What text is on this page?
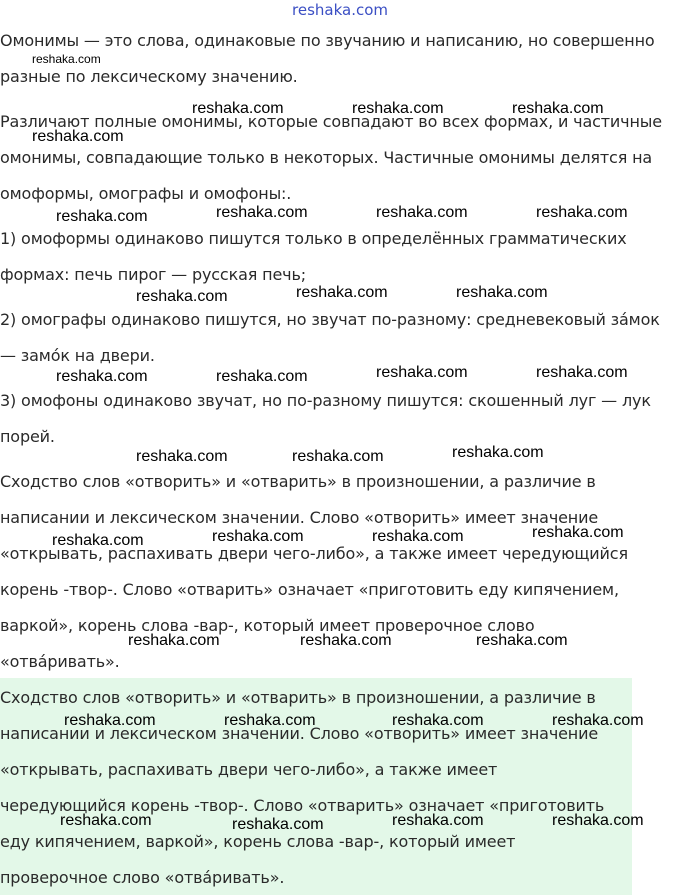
reshaka.com
Омонимы — это слова, одинаковые по звучанию и написанию, но совершенно
разные по лексическому значению.
Различают полные омонимы, которые совпадают во всех формах, и частичные
омонимы, совпадающие только в некоторых. Частичные омонимы делятся на
омоформы, омографы и омофоны:.
1) омоформы одинаково пишутся только в определённых грамматических
формах: печь пирог — русская печь;
2) омографы одинаково пишутся, но звучат по-разному: средневековый за́мок
— замо́к на двери.
3) омофоны одинаково звучат, но по-разному пишутся: скошенный луг — лук
порей.
Сходство слов «отворить» и «отварить» в произношении, а различие в
написании и лексическом значении. Слово «отворить» имеет значение
«открывать, распахивать двери чего-либо», а также имеет чередующийся
корень -твор-. Слово «отварить» означает «приготовить еду кипячением,
варкой», корень слова -вар-, который имеет проверочное слово
«отва́ривать».
Сходство слов «отворить» и «отварить» в произношении, а различие в
написании и лексическом значении. Слово «отворить» имеет значение
«открывать, распахивать двери чего-либо», а также имеет
чередующийся корень -твор-. Слово «отварить» означает «приготовить
еду кипячением, варкой», корень слова -вар-, который имеет
проверочное слово «отва́ривать».
reshaka.com
reshaka.com	reshaka.com	reshaka.com
reshaka.com
reshaka.com	reshaka.com	reshaka.com	reshaka.com
reshaka.com	reshaka.com	reshaka.com
reshaka.com	reshaka.com	reshaka.com	reshaka.com
reshaka.com	reshaka.com	reshaka.com
reshaka.com	reshaka.com	reshaka.com	reshaka.com
reshaka.com	reshaka.com	reshaka.com
reshaka.com	reshaka.com	reshaka.com	reshaka.com
reshaka.com	reshaka.com	reshaka.com	reshaka.com
